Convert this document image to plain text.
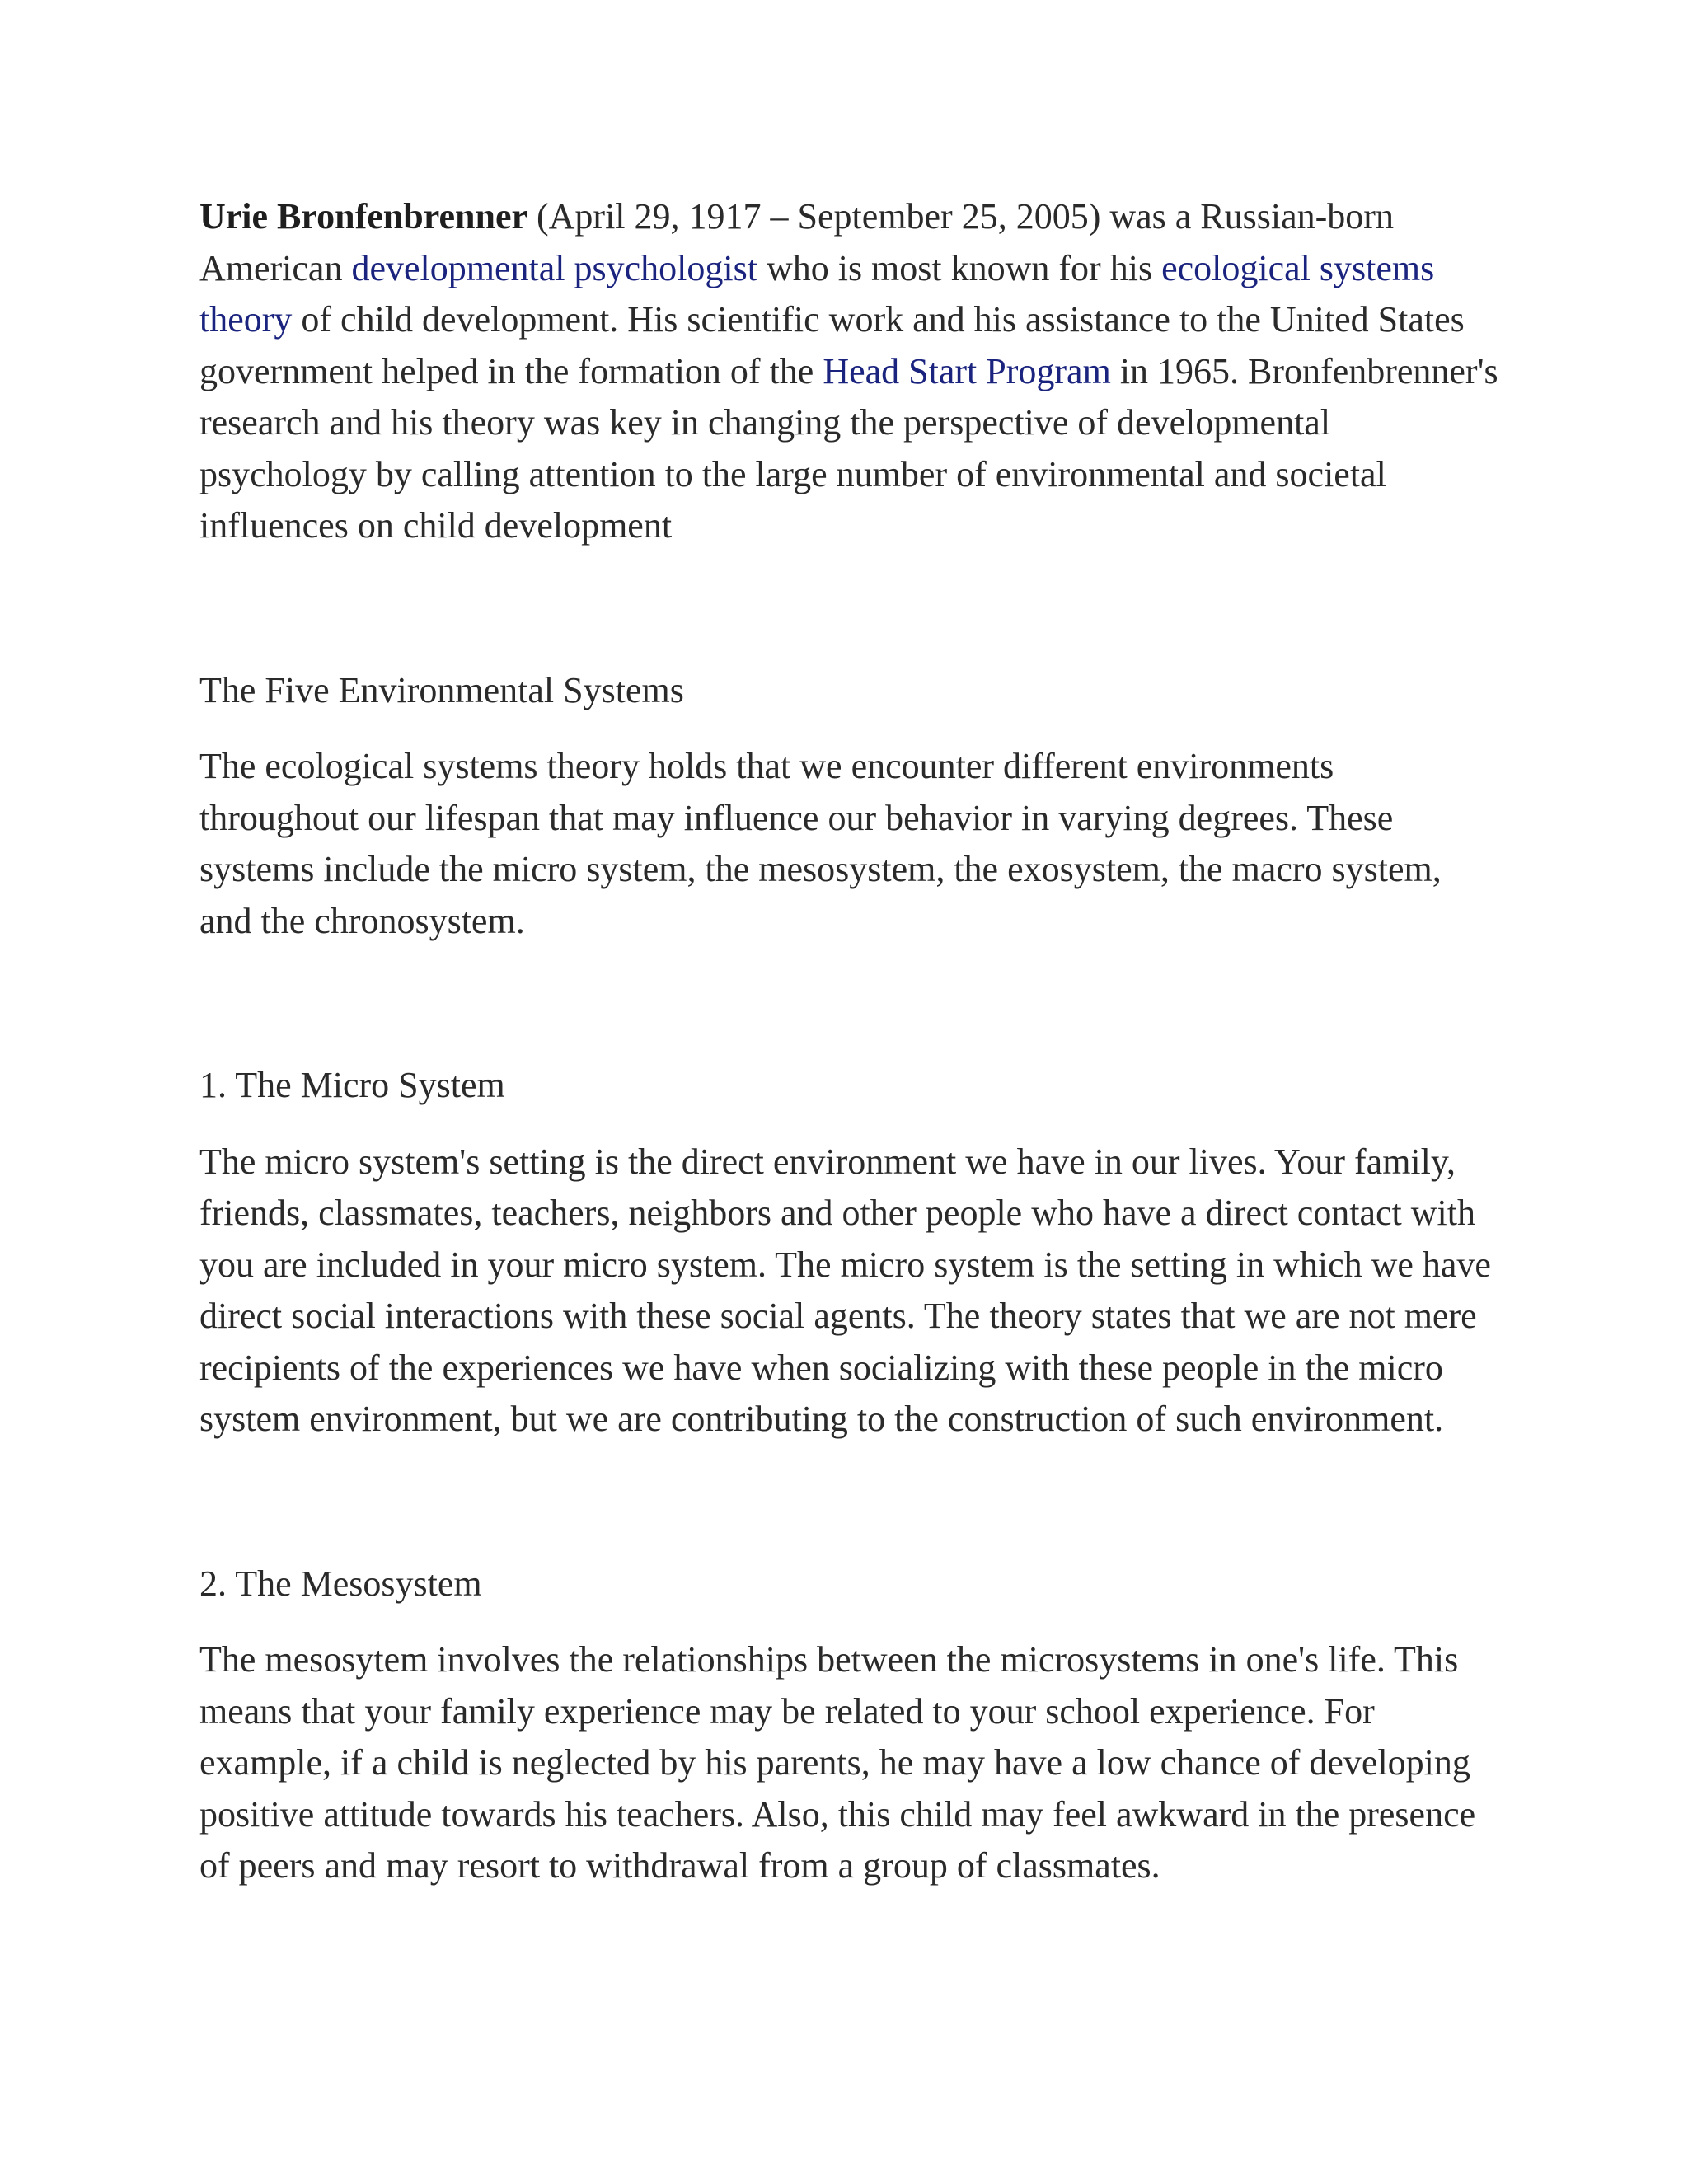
Urie Bronfenbrenner (April 29, 1917 – September 25, 2005) was a Russian-born American developmental psychologist who is most known for his ecological systems theory of child development. His scientific work and his assistance to the United States government helped in the formation of the Head Start Program in 1965. Bronfenbrenner's research and his theory was key in changing the perspective of developmental psychology by calling attention to the large number of environmental and societal influences on child development

The Five Environmental Systems

The ecological systems theory holds that we encounter different environments throughout our lifespan that may influence our behavior in varying degrees. These systems include the micro system, the mesosystem, the exosystem, the macro system, and the chronosystem.

1. The Micro System

The micro system's setting is the direct environment we have in our lives. Your family, friends, classmates, teachers, neighbors and other people who have a direct contact with you are included in your micro system. The micro system is the setting in which we have direct social interactions with these social agents. The theory states that we are not mere recipients of the experiences we have when socializing with these people in the micro system environment, but we are contributing to the construction of such environment.

2. The Mesosystem

The mesosytem involves the relationships between the microsystems in one's life. This means that your family experience may be related to your school experience. For example, if a child is neglected by his parents, he may have a low chance of developing positive attitude towards his teachers. Also, this child may feel awkward in the presence of peers and may resort to withdrawal from a group of classmates.
